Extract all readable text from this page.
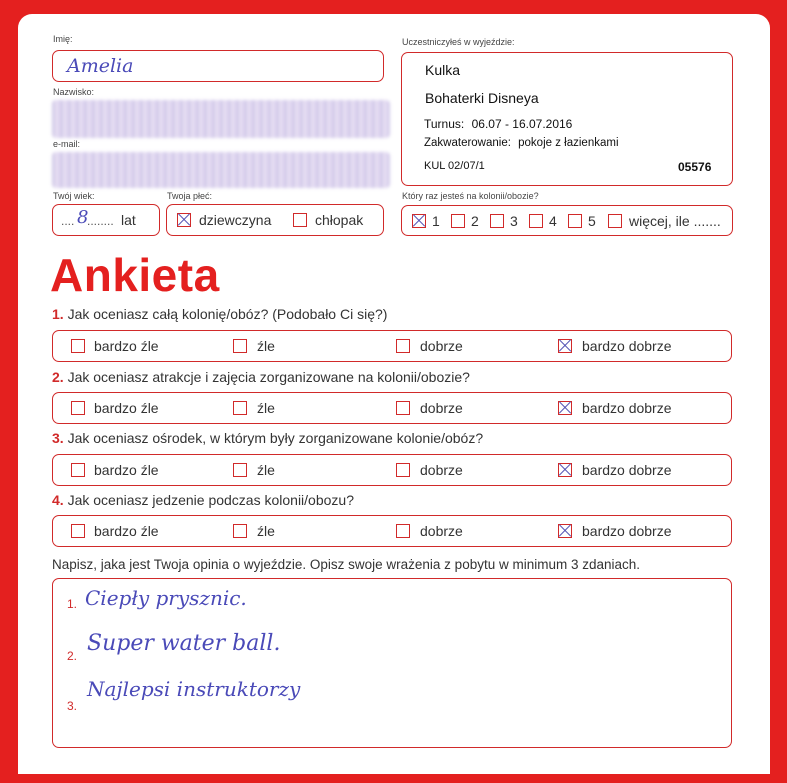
Imię:
Amelia
Nazwisko:
e-mail:
Twój wiek:
.... 8
........ lat
Twoja płeć:
dziewczyna	chłopak
Uczestniczyłeś w wyjeździe:
Kulka
Bohaterki Disneya
Turnus: 06.07 - 16.07.2016
Zakwaterowanie: pokoje z łazienkami
KUL 02/07/1	05576
Który raz jesteś na kolonii/obozie?
1 2 3 4 5 więcej, ile .......
Ankieta
1. Jak oceniasz całą kolonię/obóz? (Podobało Ci się?)
bardzo źle	źle	dobrze	bardzo dobrze
2. Jak oceniasz atrakcje i zajęcia zorganizowane na kolonii/obozie?
bardzo źle	źle	dobrze	bardzo dobrze
3. Jak oceniasz ośrodek, w którym były zorganizowane kolonie/obóz?
bardzo źle	źle	dobrze	bardzo dobrze
4. Jak oceniasz jedzenie podczas kolonii/obozu?
bardzo źle	źle	dobrze	bardzo dobrze
Napisz, jaka jest Twoja opinia o wyjeździe. Opisz swoje wrażenia z pobytu w minimum 3 zdaniach.
1. Ciepły prysznic.
2. Super water ball.
3.
Najlepsi instruktorzy
